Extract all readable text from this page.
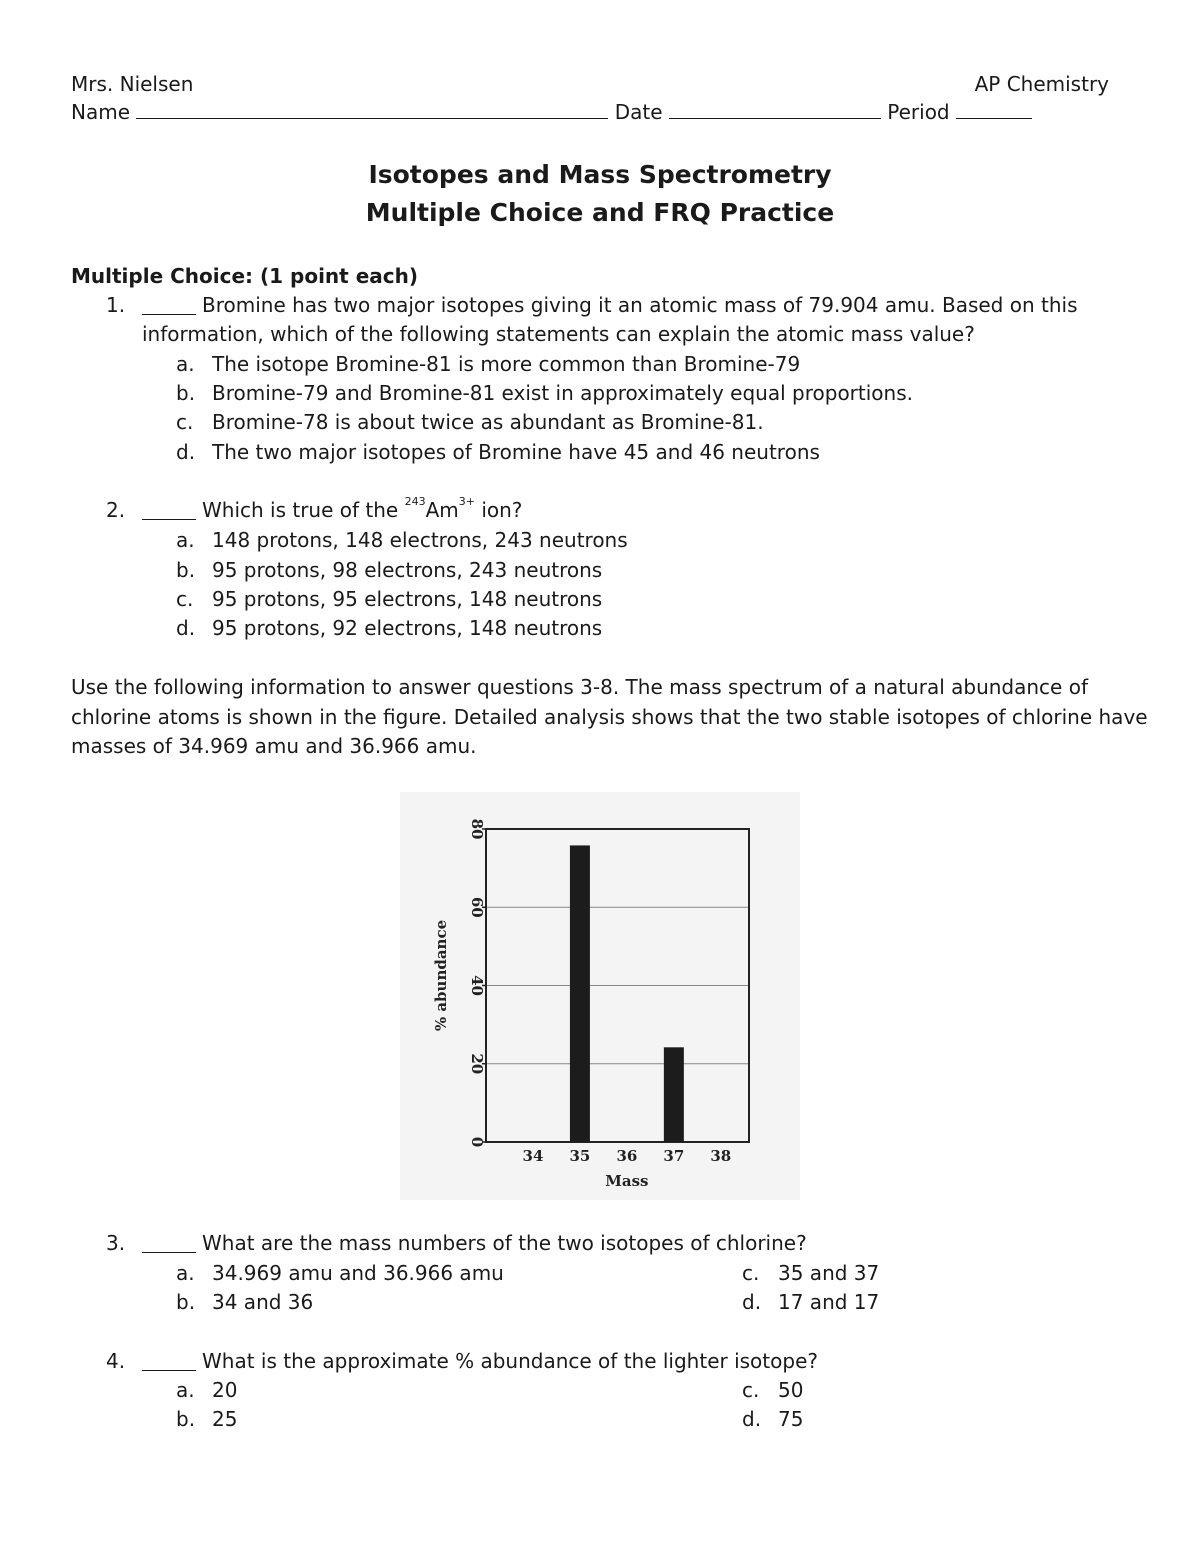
Mrs. Nielsen	AP Chemistry
Name	Date	Period
Isotopes and Mass Spectrometry
Multiple Choice and FRQ Practice
Multiple Choice: (1 point each)
1.	Bromine has two major isotopes giving it an atomic mass of 79.904 amu. Based on this
information, which of the following statements can explain the atomic mass value?
a. The isotope Bromine-81 is more common than Bromine-79
b. Bromine-79 and Bromine-81 exist in approximately equal proportions.
c. Bromine-78 is about twice as abundant as Bromine-81.
d. The two major isotopes of Bromine have 45 and 46 neutrons
2.	Which is true of the $^{243}Am^{3+}$ ion?
a. 148 protons, 148 electrons, 243 neutrons
b. 95 protons, 98 electrons, 243 neutrons
c. 95 protons, 95 electrons, 148 neutrons
d. 95 protons, 92 electrons, 148 neutrons
Use the following information to answer questions 3-8. The mass spectrum of a natural abundance of
chlorine atoms is shown in the figure. Detailed analysis shows that the two stable isotopes of chlorine have
masses of 34.969 amu and 36.966 amu.
0
20
40
60
80
34 35 36 37 38
Mass
% abundance
3.	What are the mass numbers of the two isotopes of chlorine?
a. 34.969 amu and 36.966 amu
b. 34 and 36
c. 35 and 37
d. 17 and 17
4.	What is the approximate % abundance of the lighter isotope?
a. 20
b. 25
c. 50
d. 75
